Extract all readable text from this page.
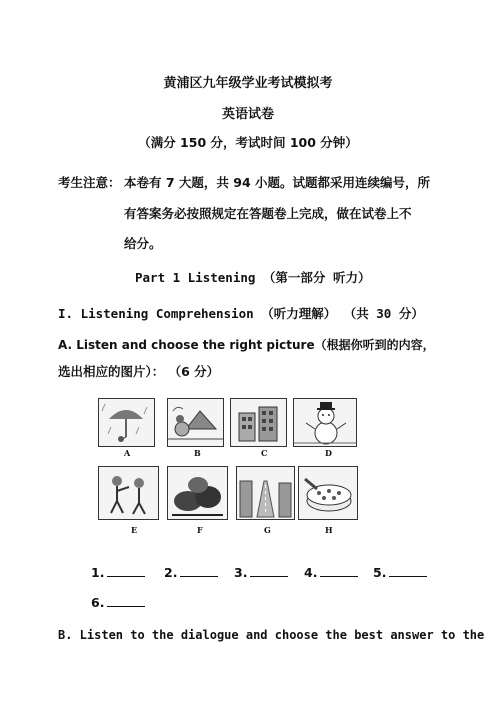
黄浦区九年级学业考试模拟考
英语试卷
（满分 150 分，考试时间 100 分钟）
考生注意： 本卷有 7 大题，共 94 小题。试题都采用连续编号，所
有答案务必按照规定在答题卷上完成，做在试卷上不
给分。
Part 1 Listening （第一部分 听力）
I. Listening Comprehension （听力理解） （共 30 分）
A. Listen and choose the right picture（根据你听到的内容，
选出相应的图片）： （6 分）
A	B	C	D
E	F	G	H
1.	2.	3.	4.	5.
6.
B. Listen to the dialogue and choose the best answer to the
